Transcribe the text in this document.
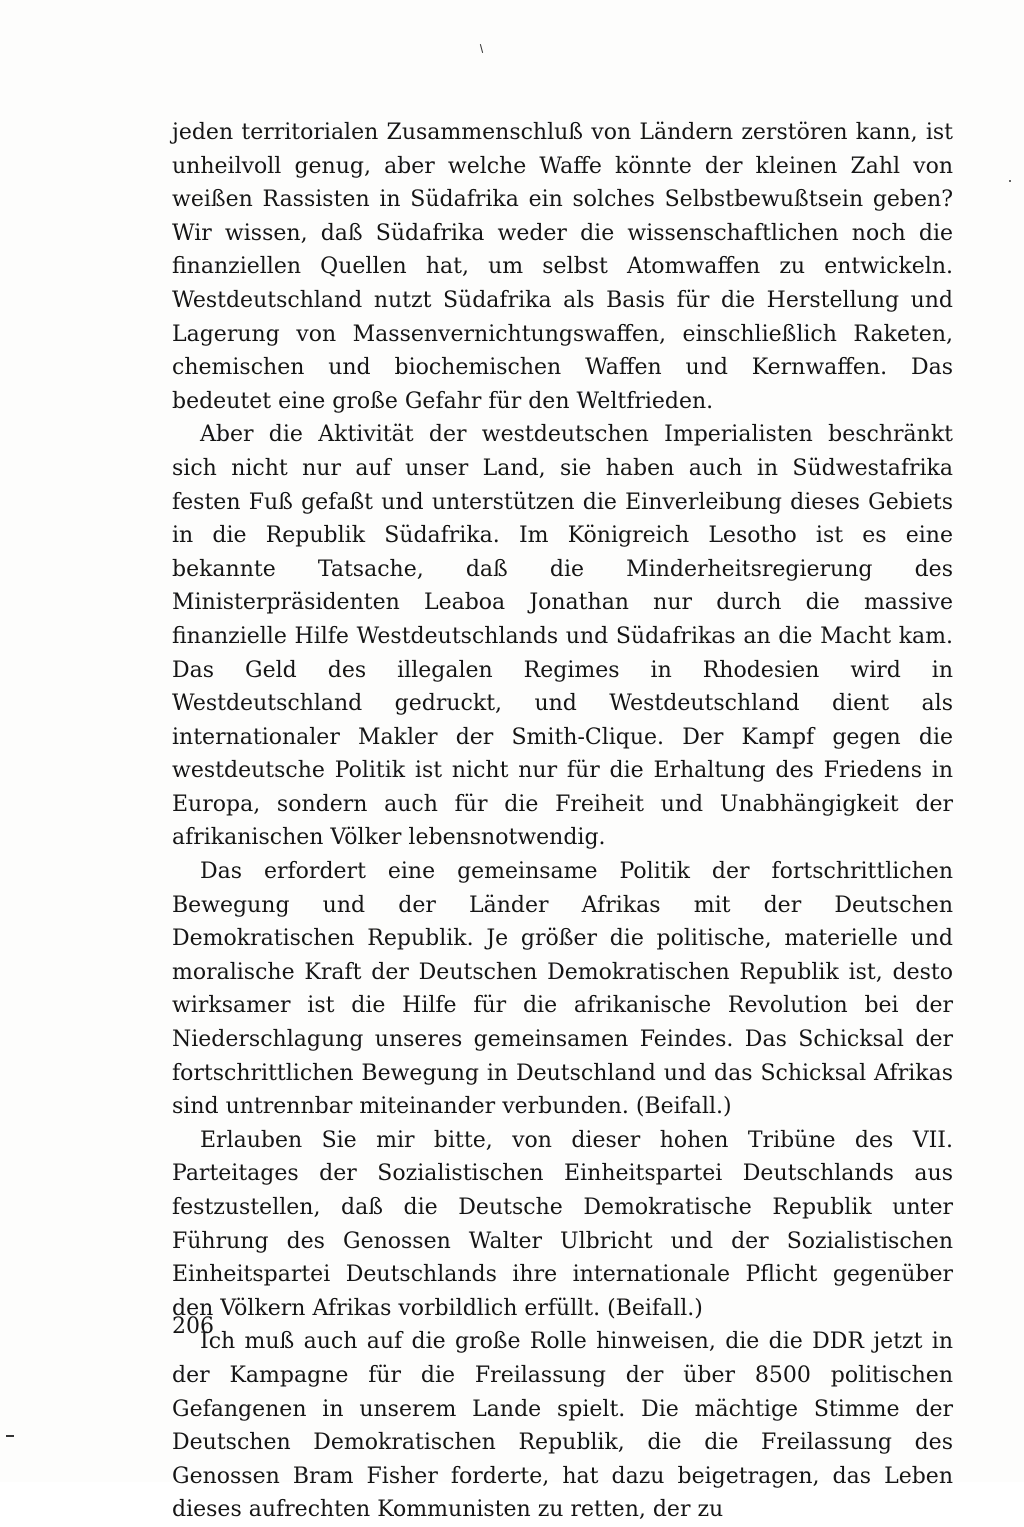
jeden territorialen Zusammenschluß von Ländern zerstören kann, ist unheilvoll genug, aber welche Waffe könnte der kleinen Zahl von weißen Rassisten in Südafrika ein solches Selbstbewußtsein geben? Wir wissen, daß Südafrika weder die wissenschaftlichen noch die finanziellen Quellen hat, um selbst Atomwaffen zu entwickeln. Westdeutschland nutzt Südafrika als Basis für die Herstellung und Lagerung von Massenvernichtungswaffen, einschließlich Raketen, chemischen und biochemischen Waffen und Kernwaffen. Das bedeutet eine große Gefahr für den Weltfrieden.

Aber die Aktivität der westdeutschen Imperialisten beschränkt sich nicht nur auf unser Land, sie haben auch in Südwestafrika festen Fuß gefaßt und unterstützen die Einverleibung dieses Gebiets in die Republik Südafrika. Im Königreich Lesotho ist es eine bekannte Tatsache, daß die Minderheitsregierung des Ministerpräsidenten Leaboa Jonathan nur durch die massive finanzielle Hilfe Westdeutschlands und Südafrikas an die Macht kam. Das Geld des illegalen Regimes in Rhodesien wird in Westdeutschland gedruckt, und Westdeutschland dient als internationaler Makler der Smith-Clique. Der Kampf gegen die westdeutsche Politik ist nicht nur für die Erhaltung des Friedens in Europa, sondern auch für die Freiheit und Unabhängigkeit der afrikanischen Völker lebensnotwendig.

Das erfordert eine gemeinsame Politik der fortschrittlichen Bewegung und der Länder Afrikas mit der Deutschen Demokratischen Republik. Je größer die politische, materielle und moralische Kraft der Deutschen Demokratischen Republik ist, desto wirksamer ist die Hilfe für die afrikanische Revolution bei der Niederschlagung unseres gemeinsamen Feindes. Das Schicksal der fortschrittlichen Bewegung in Deutschland und das Schicksal Afrikas sind untrennbar miteinander verbunden. (Beifall.)

Erlauben Sie mir bitte, von dieser hohen Tribüne des VII. Parteitages der Sozialistischen Einheitspartei Deutschlands aus festzustellen, daß die Deutsche Demokratische Republik unter Führung des Genossen Walter Ulbricht und der Sozialistischen Einheitspartei Deutschlands ihre internationale Pflicht gegenüber den Völkern Afrikas vorbildlich erfüllt. (Beifall.)

Ich muß auch auf die große Rolle hinweisen, die die DDR jetzt in der Kampagne für die Freilassung der über 8500 politischen Gefangenen in unserem Lande spielt. Die mächtige Stimme der Deutschen Demokratischen Republik, die die Freilassung des Genossen Bram Fisher forderte, hat dazu beigetragen, das Leben dieses aufrechten Kommunisten zu retten, der zu

206
